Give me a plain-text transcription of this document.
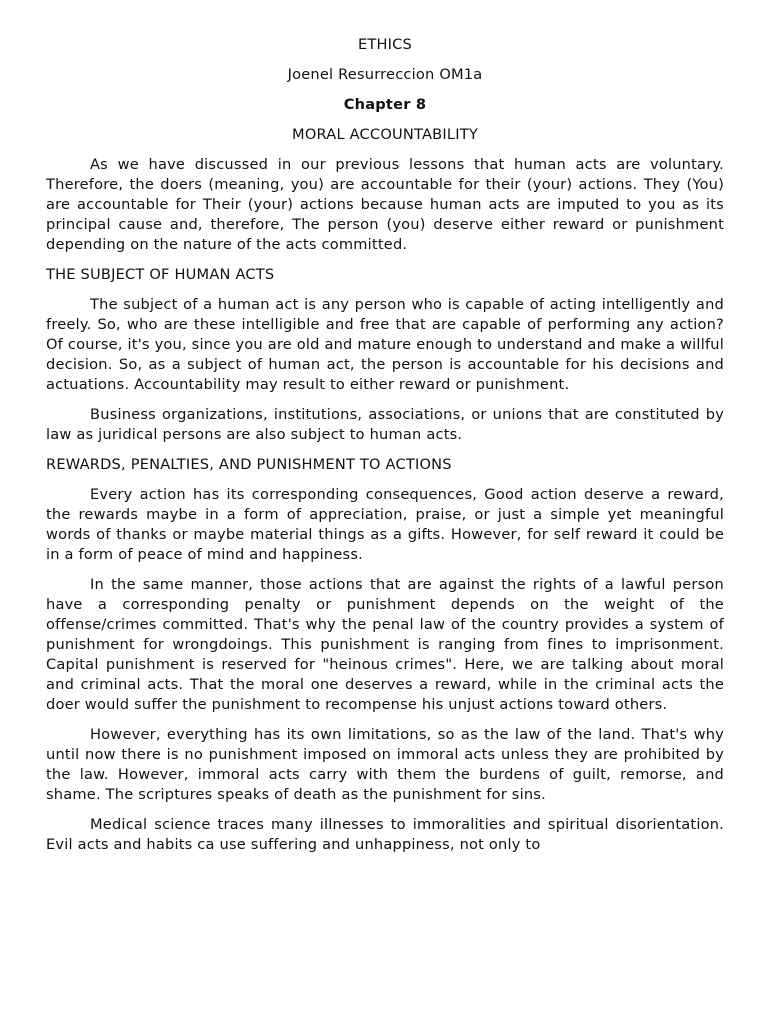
ETHICS
Joenel Resurreccion OM1a
Chapter 8
MORAL ACCOUNTABILITY

As we have discussed in our previous lessons that human acts are voluntary. Therefore, the doers (meaning, you) are accountable for their (your) actions. They (You) are accountable for Their (your) actions because human acts are imputed to you as its principal cause and, therefore, The person (you) deserve either reward or punishment depending on the nature of the acts committed.

THE SUBJECT OF HUMAN ACTS

The subject of a human act is any person who is capable of acting intelligently and freely. So, who are these intelligible and free that are capable of performing any action? Of course, it's you, since you are old and mature enough to understand and make a willful decision. So, as a subject of human act, the person is accountable for his decisions and actuations. Accountability may result to either reward or punishment.

Business organizations, institutions, associations, or unions that are constituted by law as juridical persons are also subject to human acts.

REWARDS, PENALTIES, AND PUNISHMENT TO ACTIONS

Every action has its corresponding consequences, Good action deserve a reward, the rewards maybe in a form of appreciation, praise, or just a simple yet meaningful words of thanks or maybe material things as a gifts. However, for self reward it could be in a form of peace of mind and happiness.

In the same manner, those actions that are against the rights of a lawful person have a corresponding penalty or punishment depends on the weight of the offense/crimes committed. That's why the penal law of the country provides a system of punishment for wrongdoings. This punishment is ranging from fines to imprisonment. Capital punishment is reserved for "heinous crimes". Here, we are talking about moral and criminal acts. That the moral one deserves a reward, while in the criminal acts the doer would suffer the punishment to recompense his unjust actions toward others.

However, everything has its own limitations, so as the law of the land. That's why until now there is no punishment imposed on immoral acts unless they are prohibited by the law. However, immoral acts carry with them the burdens of guilt, remorse, and shame. The scriptures speaks of death as the punishment for sins.

Medical science traces many illnesses to immoralities and spiritual disorientation. Evil acts and habits ca use suffering and unhappiness, not only to
